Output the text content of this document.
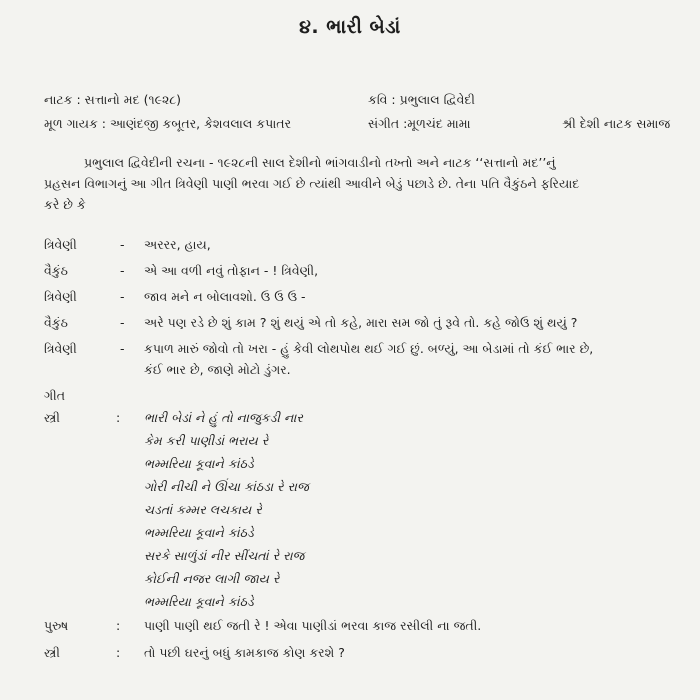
૪. ભારી બેડાં
નાટક : સત્તાનો મદ (૧૯૨૮)	કવિ : પ્રભુલાલ દ્વિવેદી
મૂળ ગાયક : આણંદજી કબૂતર, કેશવલાલ કપાતર	સંગીત :મૂળચંદ મામા	શ્રી દેશી નાટક સમાજ

પ્રભુલાલ દ્વિવેદીની રચના - ૧૯૨૮ની સાલ દેશીનો ભાંગવાડીનો તખ્તો અને નાટક ‘‘સત્તાનો મદ’’નું

પ્રહસન વિભાગનું આ ગીત ત્રિવેણી પાણી ભરવા ગઈ છે ત્યાંથી આવીને બેડું પછાડે છે. તેના પતિ વૈકુંઠને ફરિયાદ

કરે છે કે

ત્રિવેણી	- અરરર, હાય,
વૈકુંઠ	- એ આ વળી નવું તોફાન - ! ત્રિવેણી,
ત્રિવેણી	- જાવ મને ન બોલાવશો. ઉ ઉ ઉ -
વૈકુંઠ	- અરે પણ રડે છે શું કામ ? શું થયું એ તો કહે, મારા સમ જો તું રૂવે તો. કહે જોઉ શું થયું ?
ત્રિવેણી	- કપાળ મારું જોવો તો ખરા - હું કેવી લોથપોથ થઈ ગઈ છું. બળ્યું, આ બેડામાં તો કંઈ ભાર છે,
કંઈ ભાર છે, જાણે મોટો ડુંગર.
ગીત
સ્ત્રી	: ભારી બેડાં ને હું તો નાજુકડી નાર
કેમ કરી પાણીડાં ભરાય રે
ભમ્મરિયા કૂવાને કાંઠડે
ગોરી નીચી ને ઊંચા કાંઠડા રે રાજ
ચડતાં કમ્મર લચકાય રે
ભમ્મરિયા કૂવાને કાંઠડે
સરકે સાળુંડાં નીર સીંચતાં રે રાજ
કોઈની નજર લાગી જાય રે
ભમ્મરિયા કૂવાને કાંઠડે
પુરુષ	: પાણી પાણી થઈ જતી રે ! એવા પાણીડાં ભરવા કાજ રસીલી ના જતી.
સ્ત્રી	: તો પછી ઘરનું બધું કામકાજ કોણ કરશે ?
